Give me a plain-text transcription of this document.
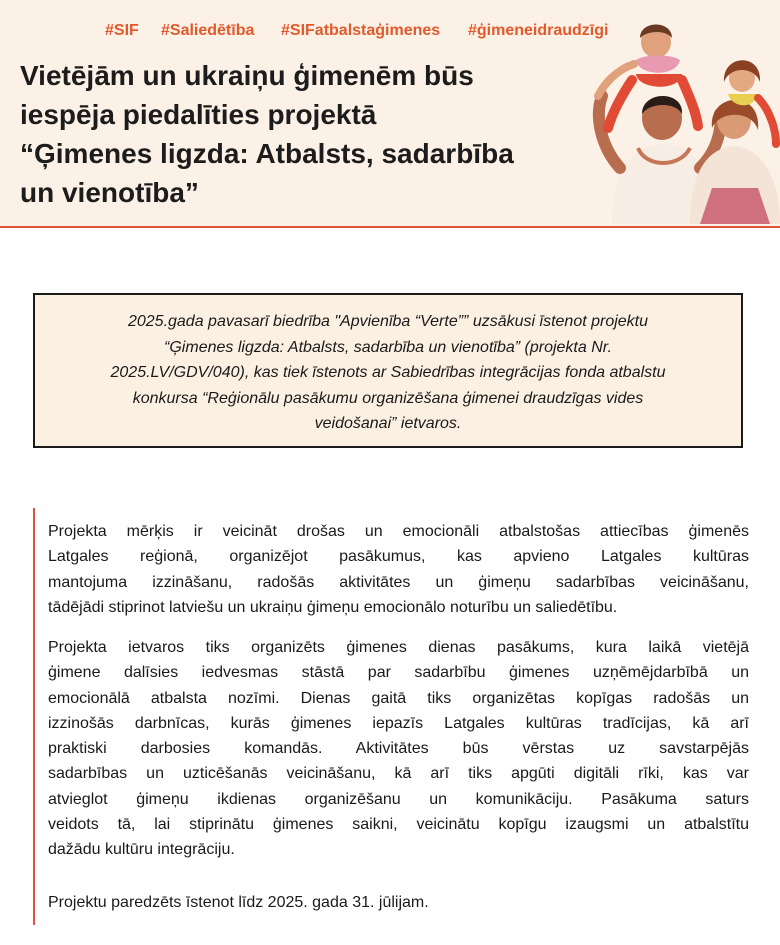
#SIF #Saliedētība #SIFatbalstaģimenes #ģimeneidraudzīgi
Vietējām un ukraiņu ģimenēm būs
iespēja piedalīties projektā
“Ģimenes ligzda: Atbalsts, sadarbība
un vienotība”
2025.gada pavasarī biedrība "Apvienība “Verte”” uzsākusi īstenot projektu
“Ģimenes ligzda: Atbalsts, sadarbība un vienotība” (projekta Nr.
2025.LV/GDV/040), kas tiek īstenots ar Sabiedrības integrācijas fonda atbalstu
konkursa “Reģionālu pasākumu organizēšana ģimenei draudzīgas vides
veidošanai” ietvaros.

Projekta mērķis ir veicināt drošas un emocionāli atbalstošas attiecības ģimenēs
Latgales reģionā, organizējot pasākumus, kas apvieno Latgales kultūras
mantojuma izzināšanu, radošās aktivitātes un ģimeņu sadarbības veicināšanu,
tādējādi stiprinot latviešu un ukraiņu ģimeņu emocionālo noturību un saliedētību.

Projekta ietvaros tiks organizēts ģimenes dienas pasākums, kura laikā vietējā
ģimene dalīsies iedvesmas stāstā par sadarbību ģimenes uzņēmējdarbībā un
emocionālā atbalsta nozīmi. Dienas gaitā tiks organizētas kopīgas radošās un
izzinošās darbnīcas, kurās ģimenes iepazīs Latgales kultūras tradīcijas, kā arī
praktiski darbosies komandās. Aktivitātes būs vērstas uz savstarpējās
sadarbības un uzticēšanās veicināšanu, kā arī tiks apgūti digitāli rīki, kas var
atvieglot ģimeņu ikdienas organizēšanu un komunikāciju. Pasākuma saturs
veidots tā, lai stiprinātu ģimenes saikni, veicinātu kopīgu izaugsmi un atbalstītu
dažādu kultūru integrāciju.

Projektu paredzēts īstenot līdz 2025. gada 31. jūlijam.
